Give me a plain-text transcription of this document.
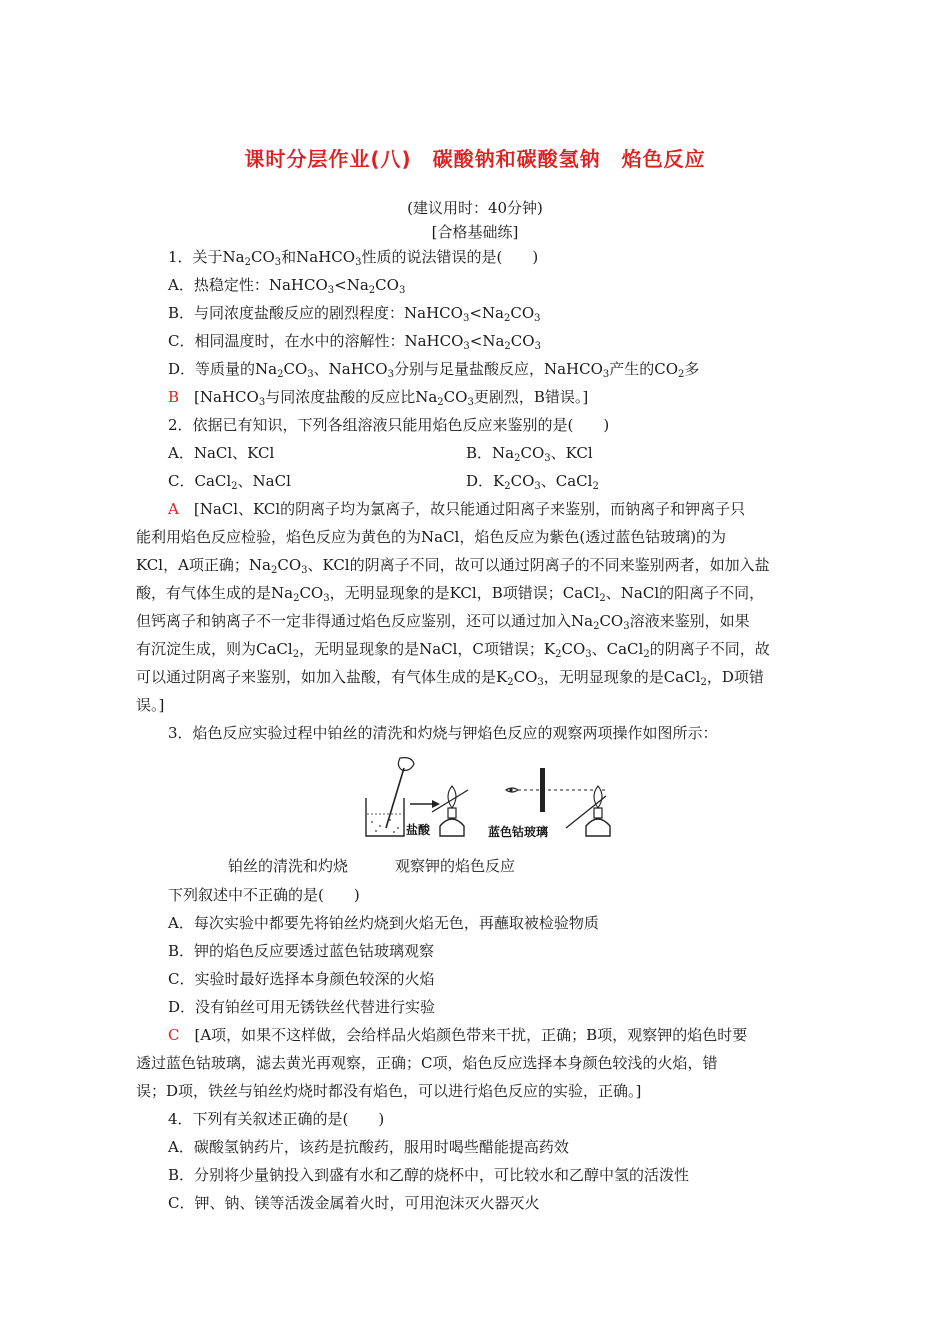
课时分层作业(八)　碳酸钠和碳酸氢钠　焰色反应
(建议用时：40分钟)
[合格基础练]
1．关于$Na_2CO_3$和NaHCO$_3$性质的说法错误的是(　　)
A．热稳定性：$NaHCO_3<Na_2CO_3$
B．与同浓度盐酸反应的剧烈程度：$NaHCO_3<Na_2CO_3$
C．相同温度时，在水中的溶解性：$NaHCO_3<Na_2CO_3$
D．等质量的$Na_2CO_3$、NaHCO$_3$分别与足量盐酸反应，NaHCO$_3$产生的$CO_2$多
B　 [NaHCO$_3$与同浓度盐酸的反应比$Na_2CO_3$更剧烈，B错误。]
2．依据已有知识，下列各组溶液只能用焰色反应来鉴别的是(　　)
A．NaCl、KCl	B．$Na_2CO_3$、KCl
C．CaCl$_2$、NaCl	D．$K_2CO_3$、CaCl$_2$
A　 [NaCl、KCl的阴离子均为氯离子，故只能通过阳离子来鉴别，而钠离子和钾离子只
能利用焰色反应检验，焰色反应为黄色的为NaCl，焰色反应为紫色(透过蓝色钴玻璃)的为
KCl，A项正确；$Na_2CO_3$、KCl的阴离子不同，故可以通过阴离子的不同来鉴别两者，如加入盐
酸，有气体生成的是$Na_2CO_3$，无明显现象的是KCl，B项错误；CaCl$_2$、NaCl的阳离子不同，
但钙离子和钠离子不一定非得通过焰色反应鉴别，还可以通过加入$Na_2CO_3$溶液来鉴别，如果
有沉淀生成，则为CaCl$_2$，无明显现象的是NaCl，C项错误；$K_2CO_3$、CaCl$_2$的阴离子不同，故
可以通过阴离子来鉴别，如加入盐酸，有气体生成的是$K_2CO_3$，无明显现象的是CaCl$_2$，D项错
误。]
3．焰色反应实验过程中铂丝的清洗和灼烧与钾焰色反应的观察两项操作如图所示：
盐酸	蓝色钴玻璃
铂丝的清洗和灼烧	观察钾的焰色反应
下列叙述中不正确的是(　　)
A．每次实验中都要先将铂丝灼烧到火焰无色，再蘸取被检验物质
B．钾的焰色反应要透过蓝色钴玻璃观察
C．实验时最好选择本身颜色较深的火焰
D．没有铂丝可用无锈铁丝代替进行实验
C　 [A项，如果不这样做，会给样品火焰颜色带来干扰，正确；B项，观察钾的焰色时要
透过蓝色钴玻璃，滤去黄光再观察，正确；C项，焰色反应选择本身颜色较浅的火焰，错
误；D项，铁丝与铂丝灼烧时都没有焰色，可以进行焰色反应的实验，正确。]
4．下列有关叙述正确的是(　　)
A．碳酸氢钠药片，该药是抗酸药，服用时喝些醋能提高药效
B．分别将少量钠投入到盛有水和乙醇的烧杯中，可比较水和乙醇中氢的活泼性
C．钾、钠、镁等活泼金属着火时，可用泡沫灭火器灭火
